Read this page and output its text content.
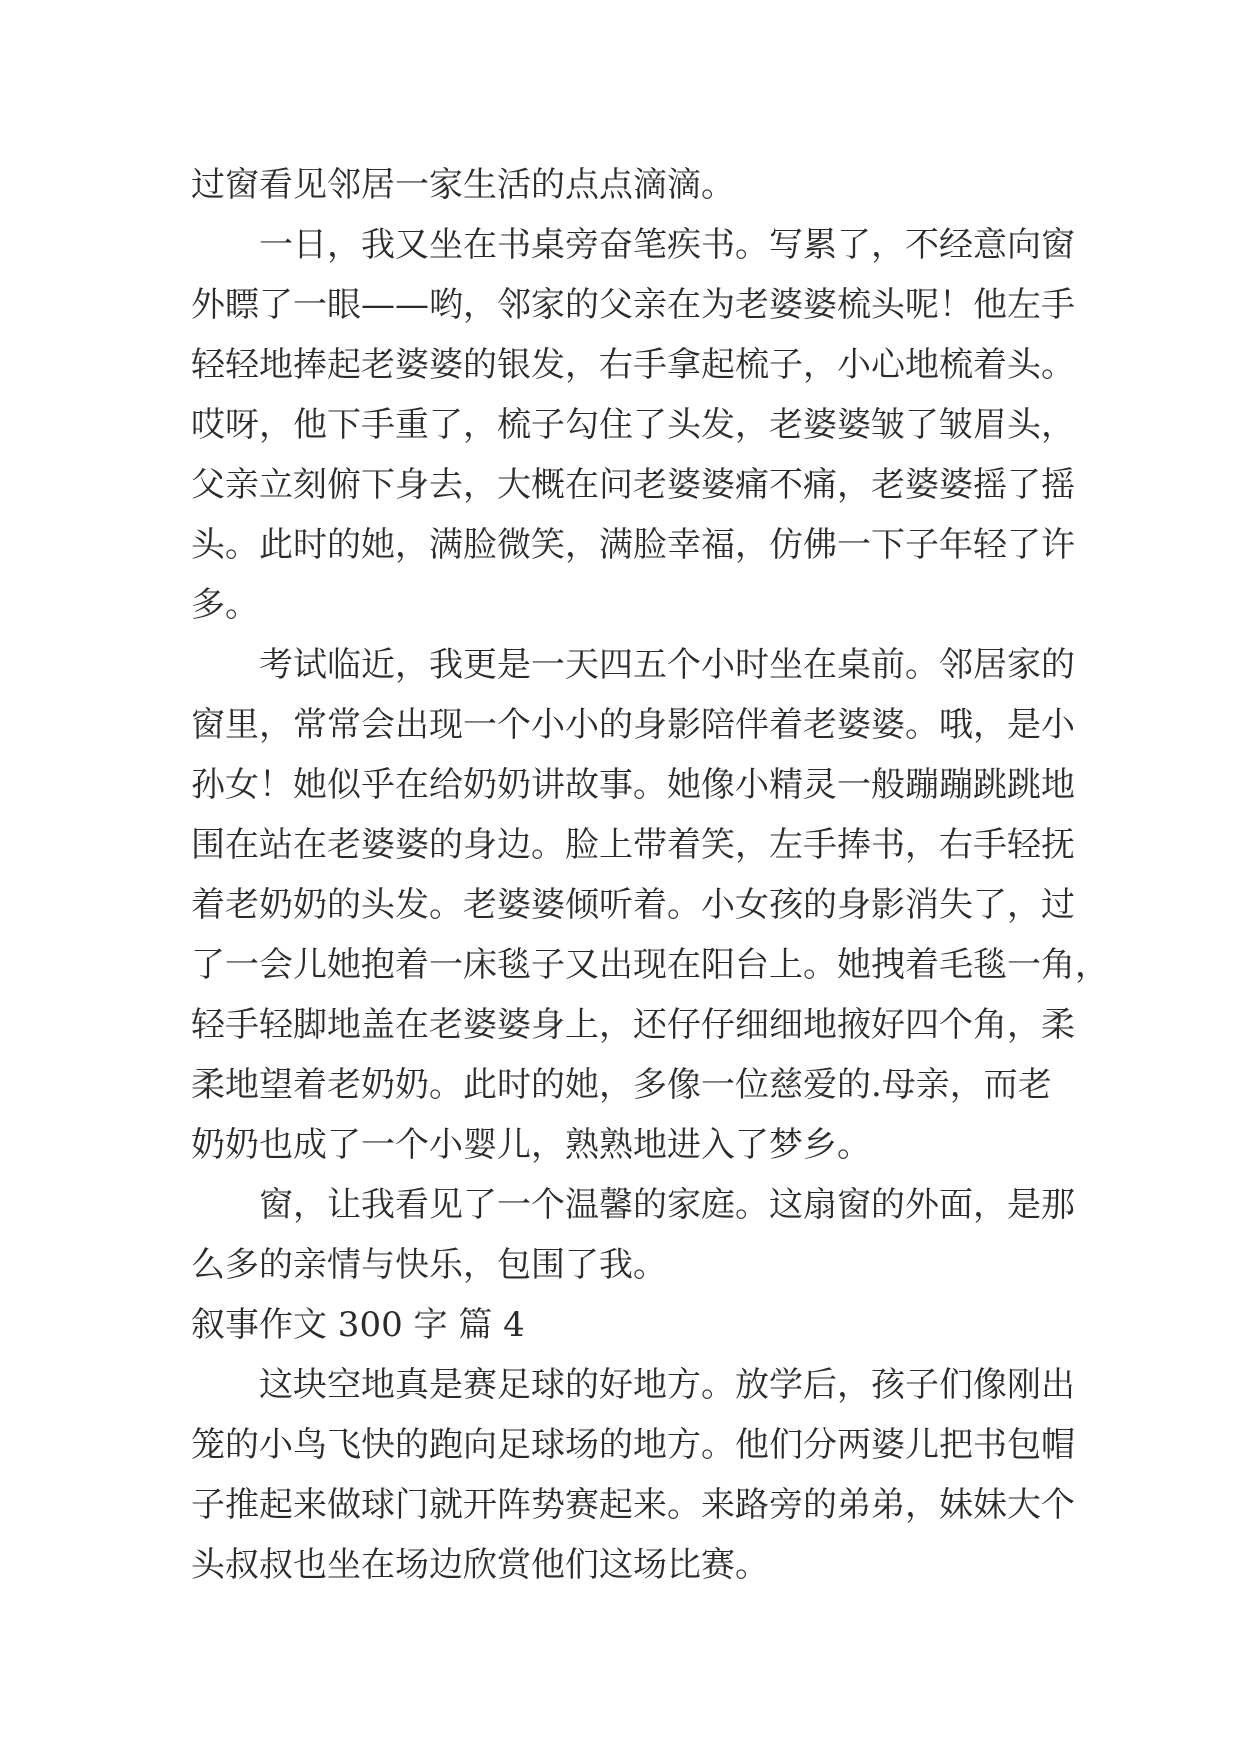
过窗看见邻居一家生活的点点滴滴。
一日，我又坐在书桌旁奋笔疾书。写累了，不经意向窗
外瞟了一眼——哟，邻家的父亲在为老婆婆梳头呢！他左手
轻轻地捧起老婆婆的银发，右手拿起梳子，小心地梳着头。
哎呀，他下手重了，梳子勾住了头发，老婆婆皱了皱眉头，
父亲立刻俯下身去，大概在问老婆婆痛不痛，老婆婆摇了摇
头。此时的她，满脸微笑，满脸幸福，仿佛一下子年轻了许
多。
考试临近，我更是一天四五个小时坐在桌前。邻居家的
窗里，常常会出现一个小小的身影陪伴着老婆婆。哦，是小
孙女！她似乎在给奶奶讲故事。她像小精灵一般蹦蹦跳跳地
围在站在老婆婆的身边。脸上带着笑，左手捧书，右手轻抚
着老奶奶的头发。老婆婆倾听着。小女孩的身影消失了，过
了一会儿她抱着一床毯子又出现在阳台上。她拽着毛毯一角，
轻手轻脚地盖在老婆婆身上，还仔仔细细地掖好四个角，柔
柔地望着老奶奶。此时的她，多像一位慈爱的.母亲，而老
奶奶也成了一个小婴儿，熟熟地进入了梦乡。
窗，让我看见了一个温馨的家庭。这扇窗的外面，是那
么多的亲情与快乐，包围了我。
叙事作文 300 字 篇 4
这块空地真是赛足球的好地方。放学后，孩子们像刚出
笼的小鸟飞快的跑向足球场的地方。他们分两婆儿把书包帽
子推起来做球门就开阵势赛起来。来路旁的弟弟，妹妹大个
头叔叔也坐在场边欣赏他们这场比赛。
